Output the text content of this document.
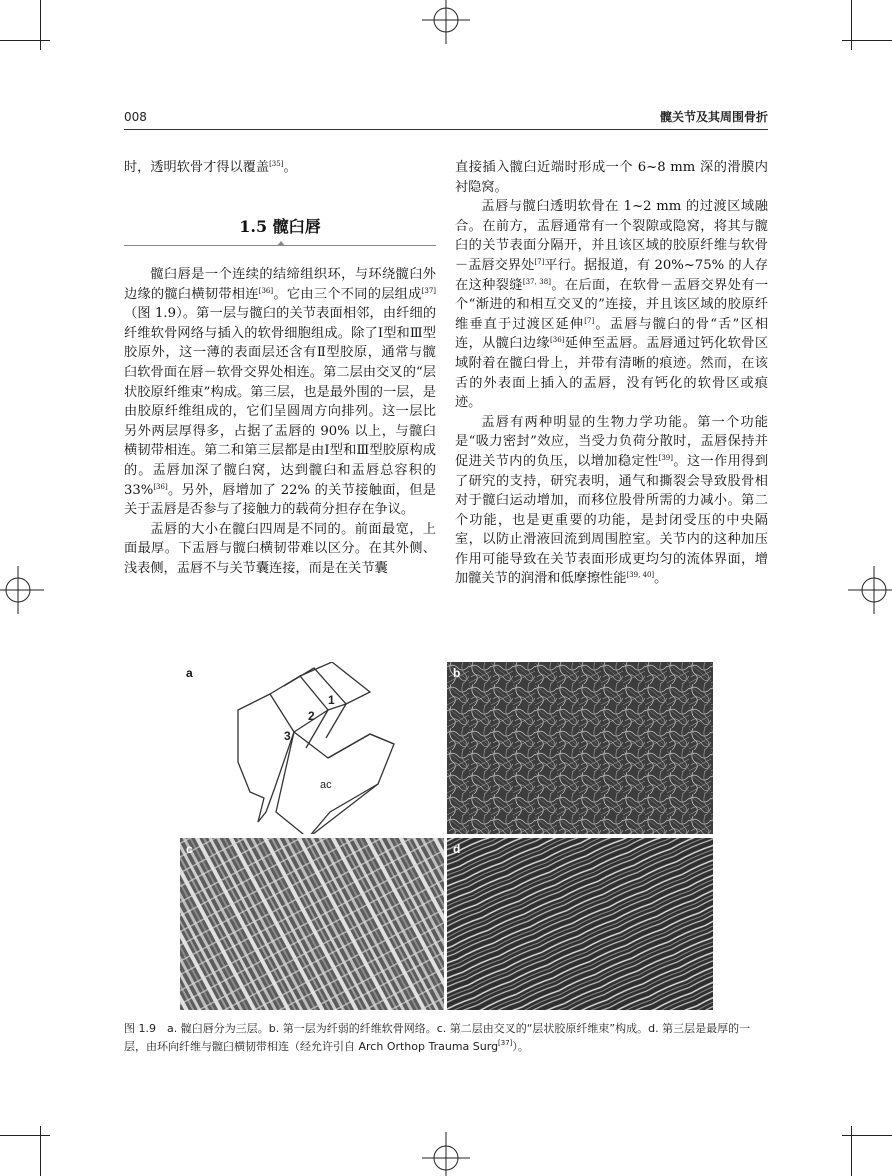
008	髋关节及其周围骨折

时，透明软骨才得以覆盖[35]。

1.5 髋臼唇

髋臼唇是一个连续的结缔组织环，与环绕髋臼外边缘的髋臼横韧带相连[36]。它由三个不同的层组成[37]（图 1.9）。第一层与髋臼的关节表面相邻，由纤细的纤维软骨网络与插入的软骨细胞组成。除了Ⅰ型和Ⅲ型胶原外，这一薄的表面层还含有Ⅱ型胶原，通常与髋臼软骨面在唇－软骨交界处相连。第二层由交叉的“层状胶原纤维束”构成。第三层，也是最外围的一层，是由胶原纤维组成的，它们呈圆周方向排列。这一层比另外两层厚得多，占据了盂唇的 90% 以上，与髋臼横韧带相连。第二和第三层都是由Ⅰ型和Ⅲ型胶原构成的。盂唇加深了髋臼窝，达到髋臼和盂唇总容积的 33%[36]。另外，唇增加了 22% 的关节接触面，但是关于盂唇是否参与了接触力的载荷分担存在争议。

盂唇的大小在髋臼四周是不同的。前面最宽，上面最厚。下盂唇与髋臼横韧带难以区分。在其外侧、浅表侧，盂唇不与关节囊连接，而是在关节囊

直接插入髋臼近端时形成一个 6~8 mm 深的滑膜内衬隐窝。

盂唇与髋臼透明软骨在 1~2 mm 的过渡区域融合。在前方，盂唇通常有一个裂隙或隐窝，将其与髋臼的关节表面分隔开，并且该区域的胶原纤维与软骨－盂唇交界处[7]平行。据报道，有 20%~75% 的人存在这种裂缝[37, 38]。在后面，在软骨－盂唇交界处有一个“渐进的和相互交叉的”连接，并且该区域的胶原纤维垂直于过渡区延伸[7]。盂唇与髋臼的骨“舌”区相连，从髋臼边缘[36]延伸至盂唇。盂唇通过钙化软骨区域附着在髋臼骨上，并带有清晰的痕迹。然而，在该舌的外表面上插入的盂唇，没有钙化的软骨区或痕迹。

盂唇有两种明显的生物力学功能。第一个功能是“吸力密封”效应，当受力负荷分散时，盂唇保持并促进关节内的负压，以增加稳定性[39]。这一作用得到了研究的支持，研究表明，通气和撕裂会导致股骨相对于髋臼运动增加，而移位股骨所需的力减小。第二个功能，也是更重要的功能，是封闭受压的中央隔室，以防止滑液回流到周围腔室。关节内的这种加压作用可能导致在关节表面形成更均匀的流体界面，增加髋关节的润滑和低摩擦性能[39, 40]。

a
1
2
3
ac
b
c	d
图 1.9　a. 髋臼唇分为三层。b. 第一层为纤弱的纤维软骨网络。c. 第二层由交叉的“层状胶原纤维束”构成。d. 第三层是最厚的一层，由环向纤维与髋臼横韧带相连（经允许引自 Arch Orthop Trauma Surg[37]）。
